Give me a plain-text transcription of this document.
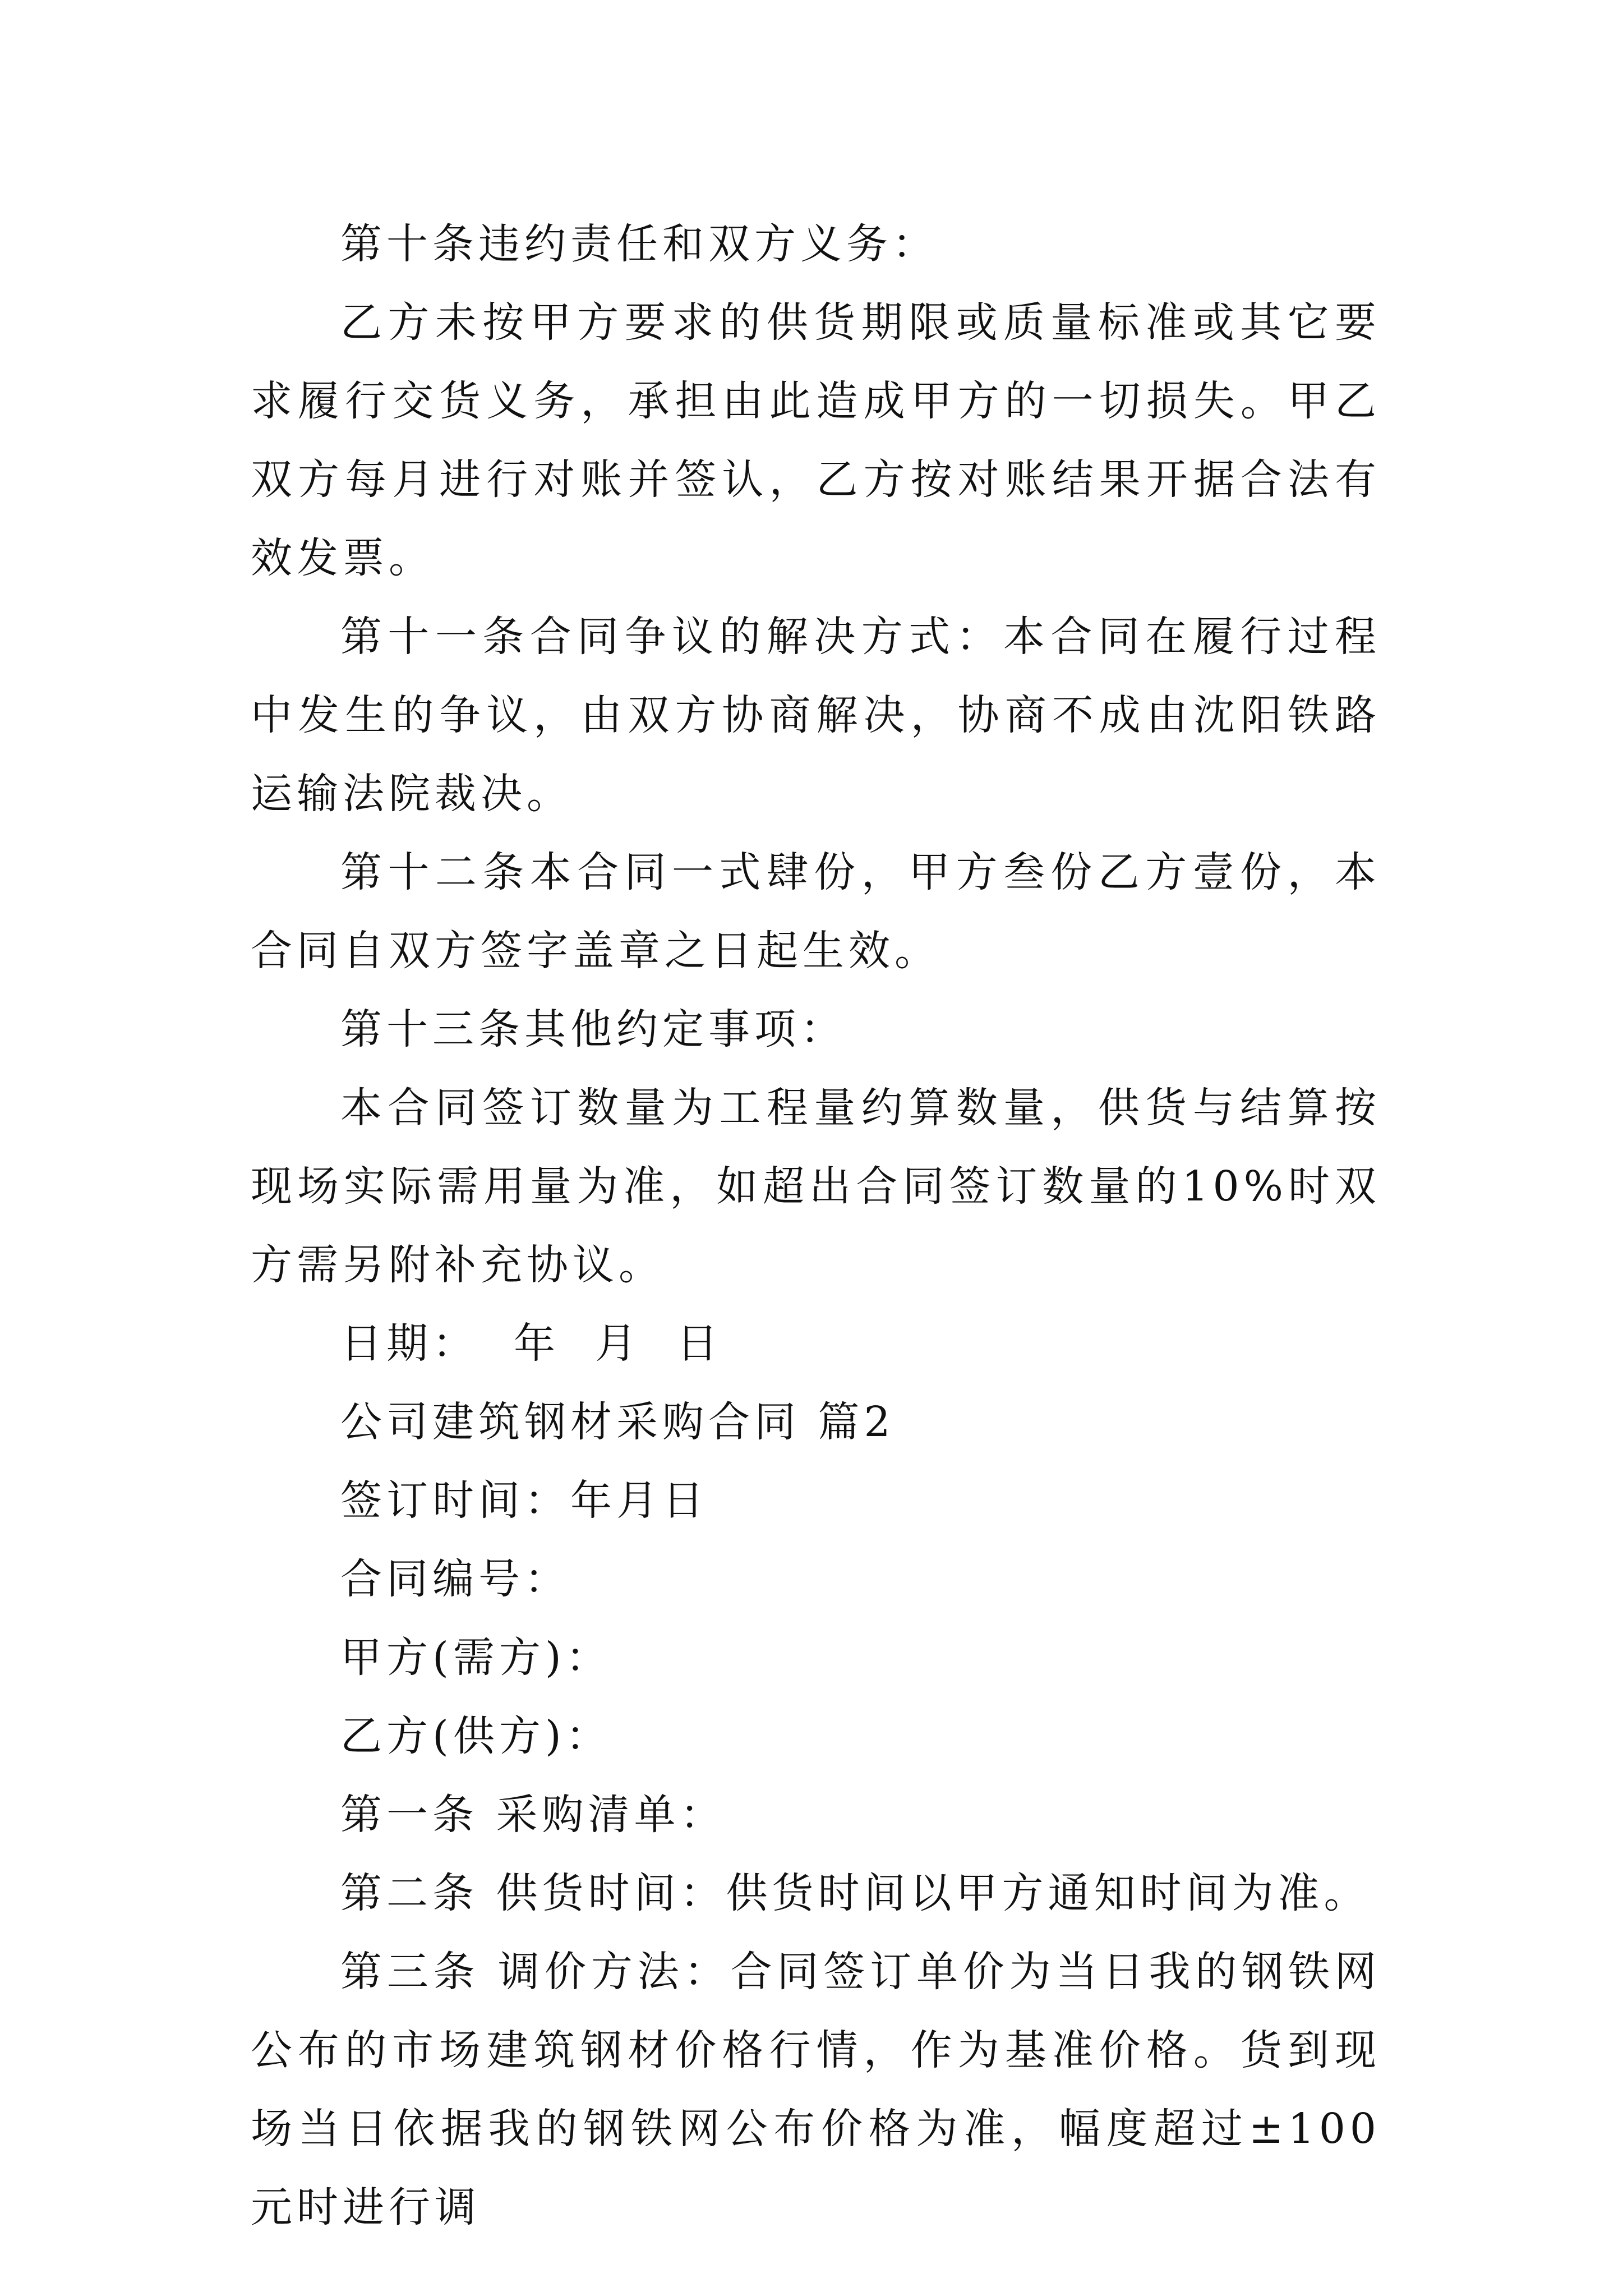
第十条违约责任和双方义务：

乙方未按甲方要求的供货期限或质量标准或其它要求履行交货义务，承担由此造成甲方的一切损失。甲乙双方每月进行对账并签认，乙方按对账结果开据合法有效发票。

第十一条合同争议的解决方式：本合同在履行过程中发生的争议，由双方协商解决，协商不成由沈阳铁路运输法院裁决。

第十二条本合同一式肆份，甲方叁份乙方壹份，本合同自双方签字盖章之日起生效。

第十三条其他约定事项：

本合同签订数量为工程量约算数量，供货与结算按现场实际需用量为准，如超出合同签订数量的10%时双方需另附补充协议。

日期：  年  月  日

公司建筑钢材采购合同 篇2

签订时间：年月日

合同编号：

甲方(需方)：

乙方(供方)：

第一条 采购清单：

第二条 供货时间：供货时间以甲方通知时间为准。

第三条 调价方法：合同签订单价为当日我的钢铁网公布的市场建筑钢材价格行情，作为基准价格。货到现场当日依据我的钢铁网公布价格为准，幅度超过±100元时进行调
